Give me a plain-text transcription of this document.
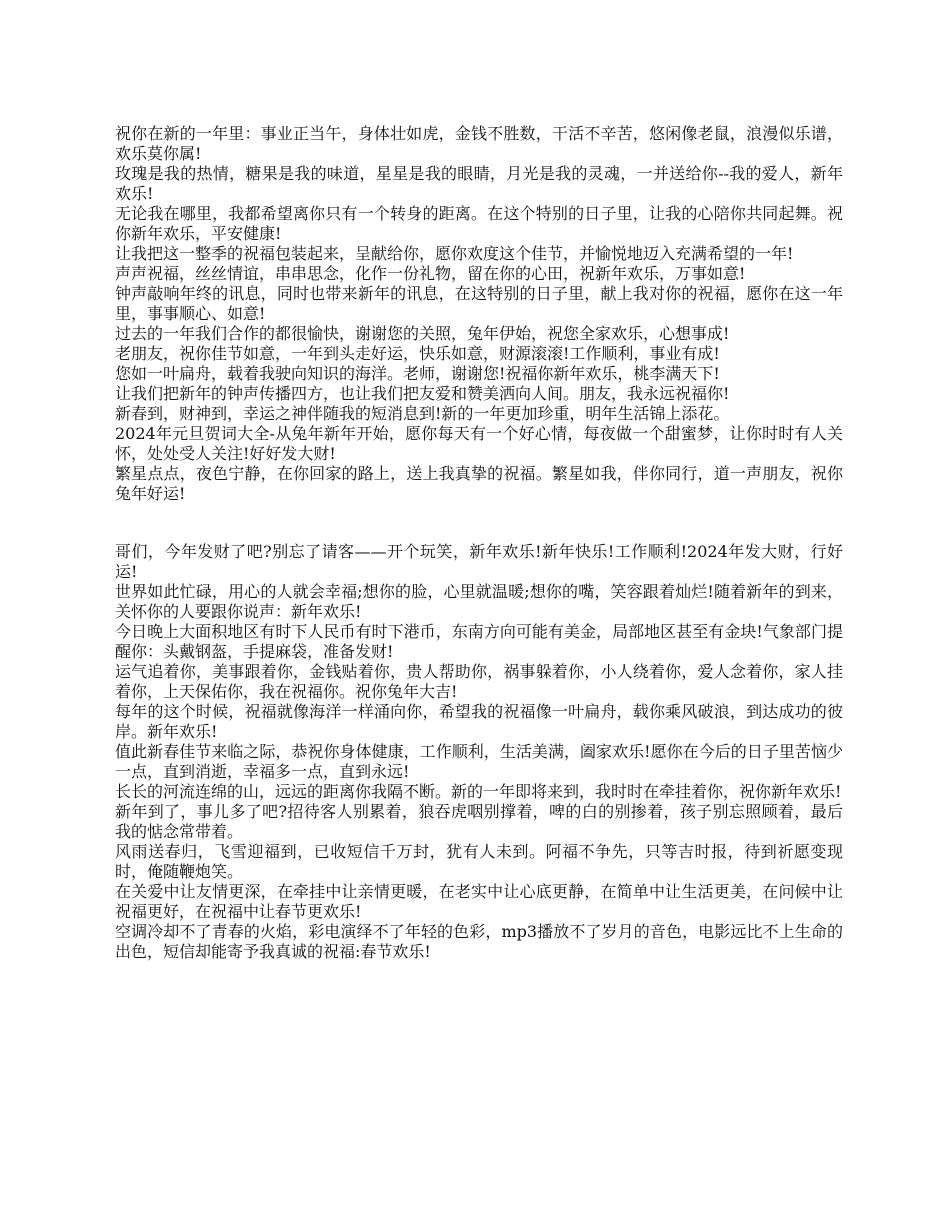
祝你在新的一年里：事业正当午，身体壮如虎，金钱不胜数，干活不辛苦，悠闲像老鼠，浪漫似乐谱，欢乐莫你属!

玫瑰是我的热情，糖果是我的味道，星星是我的眼睛，月光是我的灵魂，一并送给你--我的爱人，新年欢乐!

无论我在哪里，我都希望离你只有一个转身的距离。在这个特别的日子里，让我的心陪你共同起舞。祝你新年欢乐，平安健康!

让我把这一整季的祝福包装起来，呈献给你，愿你欢度这个佳节，并愉悦地迈入充满希望的一年!

声声祝福，丝丝情谊，串串思念，化作一份礼物，留在你的心田，祝新年欢乐，万事如意!

钟声敲响年终的讯息，同时也带来新年的讯息，在这特别的日子里，献上我对你的祝福，愿你在这一年里，事事顺心、如意!

过去的一年我们合作的都很愉快，谢谢您的关照，兔年伊始，祝您全家欢乐，心想事成!

老朋友，祝你佳节如意，一年到头走好运，快乐如意，财源滚滚!工作顺利，事业有成!

您如一叶扁舟，载着我驶向知识的海洋。老师，谢谢您!祝福你新年欢乐，桃李满天下!

让我们把新年的钟声传播四方，也让我们把友爱和赞美洒向人间。朋友，我永远祝福你!

新春到，财神到，幸运之神伴随我的短消息到!新的一年更加珍重，明年生活锦上添花。

2024年元旦贺词大全-从兔年新年开始，愿你每天有一个好心情，每夜做一个甜蜜梦，让你时时有人关怀，处处受人关注!好好发大财!

繁星点点，夜色宁静，在你回家的路上，送上我真挚的祝福。繁星如我，伴你同行，道一声朋友，祝你兔年好运!

哥们，今年发财了吧?别忘了请客——开个玩笑，新年欢乐!新年快乐!工作顺利!2024年发大财，行好运!

世界如此忙碌，用心的人就会幸福;想你的脸，心里就温暖;想你的嘴，笑容跟着灿烂!随着新年的到来，关怀你的人要跟你说声：新年欢乐!

今日晚上大面积地区有时下人民币有时下港币，东南方向可能有美金，局部地区甚至有金块!气象部门提醒你：头戴钢盔，手提麻袋，准备发财!

运气追着你，美事跟着你，金钱贴着你，贵人帮助你，祸事躲着你，小人绕着你，爱人念着你，家人挂着你，上天保佑你，我在祝福你。祝你兔年大吉!

每年的这个时候，祝福就像海洋一样涌向你，希望我的祝福像一叶扁舟，载你乘风破浪，到达成功的彼岸。新年欢乐!

值此新春佳节来临之际，恭祝你身体健康，工作顺利，生活美满，阖家欢乐!愿你在今后的日子里苦恼少一点，直到消逝，幸福多一点，直到永远!

长长的河流连绵的山，远远的距离你我隔不断。新的一年即将来到，我时时在牵挂着你，祝你新年欢乐!

新年到了，事儿多了吧?招待客人别累着，狼吞虎咽别撑着，啤的白的别掺着，孩子别忘照顾着，最后我的惦念常带着。

风雨送春归，飞雪迎福到，已收短信千万封，犹有人未到。阿福不争先，只等吉时报，待到祈愿变现时，俺随鞭炮笑。

在关爱中让友情更深，在牵挂中让亲情更暖，在老实中让心底更静，在简单中让生活更美，在问候中让祝福更好，在祝福中让春节更欢乐!

空调冷却不了青春的火焰，彩电演绎不了年轻的色彩，mp3播放不了岁月的音色，电影远比不上生命的出色，短信却能寄予我真诚的祝福:春节欢乐!
